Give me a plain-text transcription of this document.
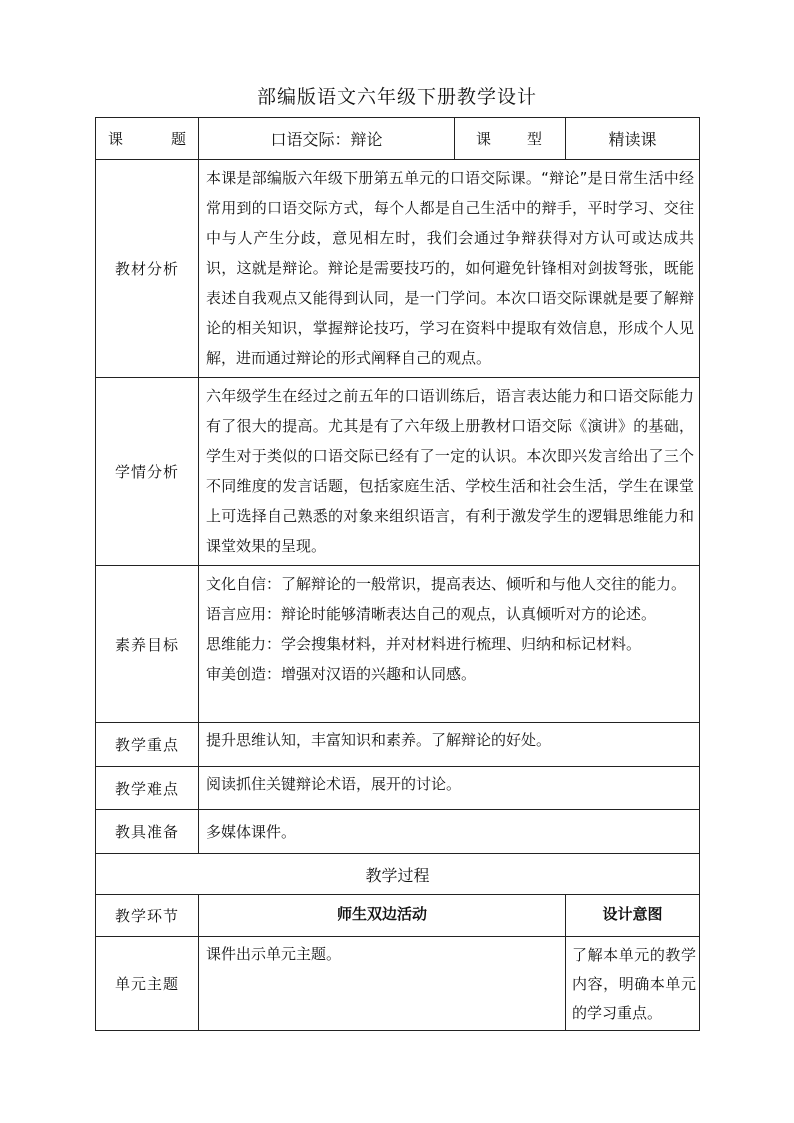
部编版语文六年级下册教学设计
课　　题	口语交际：辩论	课　　型	精读课
教材分析	本课是部编版六年级下册第五单元的口语交际课。“辩论”是日常生活中经常用到的口语交际方式，每个人都是自己生活中的辩手，平时学习、交往中与人产生分歧，意见相左时，我们会通过争辩获得对方认可或达成共识，这就是辩论。辩论是需要技巧的，如何避免针锋相对剑拔弩张，既能表述自我观点又能得到认同，是一门学问。本次口语交际课就是要了解辩论的相关知识，掌握辩论技巧，学习在资料中提取有效信息，形成个人见解，进而通过辩论的形式阐释自己的观点。		
学情分析	六年级学生在经过之前五年的口语训练后，语言表达能力和口语交际能力有了很大的提高。尤其是有了六年级上册教材口语交际《演讲》的基础，学生对于类似的口语交际已经有了一定的认识。本次即兴发言给出了三个不同维度的发言话题，包括家庭生活、学校生活和社会生活，学生在课堂上可选择自己熟悉的对象来组织语言，有利于激发学生的逻辑思维能力和课堂效果的呈现。		
素养目标	文化自信：了解辩论的一般常识，提高表达、倾听和与他人交往的能力。

语言应用：辩论时能够清晰表达自己的观点，认真倾听对方的论述。

思维能力：学会搜集材料，并对材料进行梳理、归纳和标记材料。

审美创造：增强对汉语的兴趣和认同感。		

教学重点	提升思维认知，丰富知识和素养。了解辩论的好处。		
教学难点	阅读抓住关键辩论术语，展开的讨论。		
教具准备	多媒体课件。		
教学过程			
教学环节	师生双边活动		设计意图
单元主题	课件出示单元主题。		了解本单元的教学内容，明确本单元的学习重点。
